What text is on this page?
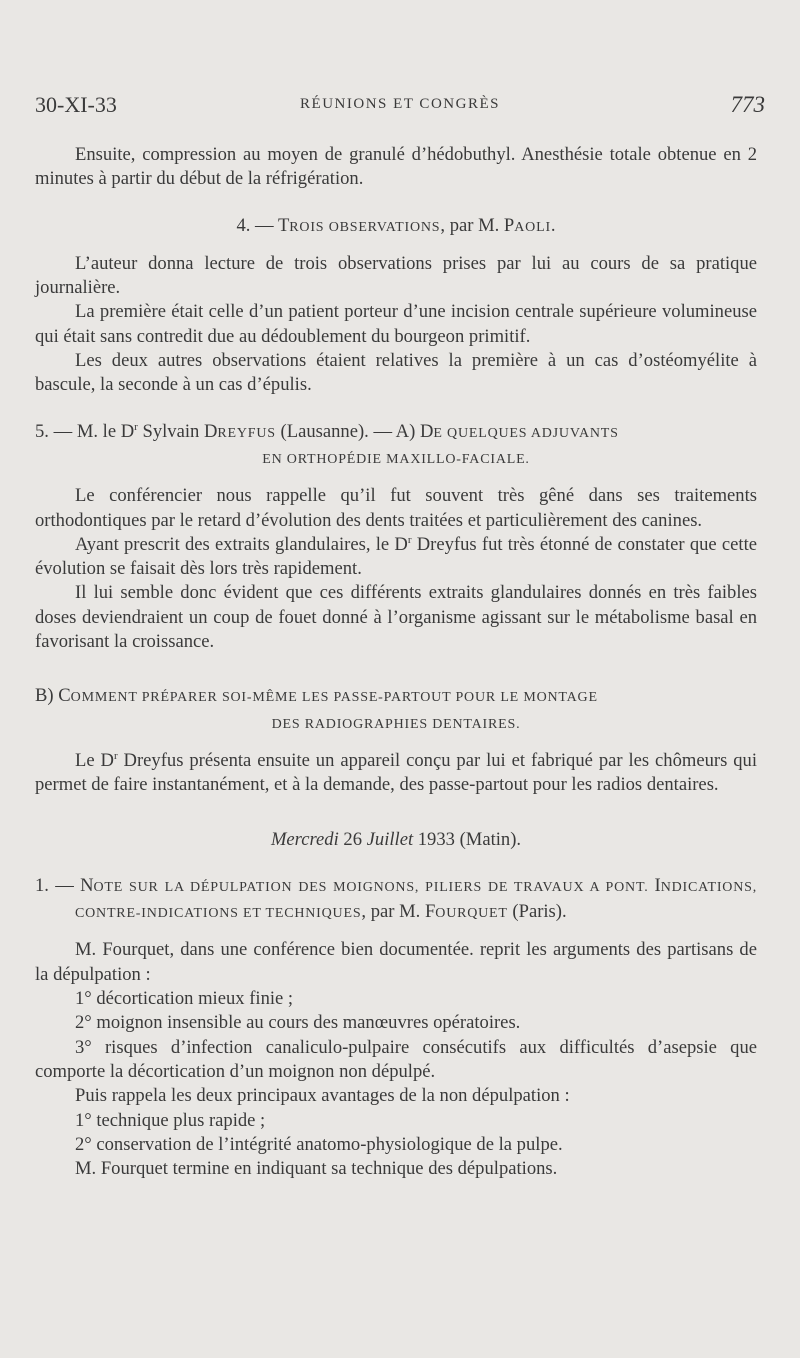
30-XI-33	RÉUNIONS ET CONGRÈS	773

Ensuite, compression au moyen de granulé d’hédobuthyl. Anesthésie totale obtenue en 2 minutes à partir du début de la réfrigération.

4. — TROIS OBSERVATIONS, par M. PAOLI.

L’auteur donna lecture de trois observations prises par lui au cours de sa pratique journalière.

La première était celle d’un patient porteur d’une incision centrale supérieure volumineuse qui était sans contredit due au dédoublement du bourgeon primitif.

Les deux autres observations étaient relatives la première à un cas d’ostéomyélite à bascule, la seconde à un cas d’épulis.

5. — M. le $D^r$ Sylvain DREYFUS (Lausanne). — A) DE QUELQUES ADJUVANTS

EN ORTHOPÉDIE MAXILLO-FACIALE.

Le conférencier nous rappelle qu’il fut souvent très gêné dans ses traitements orthodontiques par le retard d’évolution des dents traitées et particulièrement des canines.

Ayant prescrit des extraits glandulaires, le $D^r$ Dreyfus fut très étonné de constater que cette évolution se faisait dès lors très rapidement.

Il lui semble donc évident que ces différents extraits glandulaires donnés en très faibles doses deviendraient un coup de fouet donné à l’organisme agissant sur le métabolisme basal en favorisant la croissance.

B) COMMENT PRÉPARER SOI-MÊME LES PASSE-PARTOUT POUR LE MONTAGE

DES RADIOGRAPHIES DENTAIRES.

Le $D^r$ Dreyfus présenta ensuite un appareil conçu par lui et fabriqué par les chômeurs qui permet de faire instantanément, et à la demande, des passe-partout pour les radios dentaires.

Mercredi 26 Juillet 1933 (Matin).

1. — NOTE SUR LA DÉPULPATION DES MOIGNONS, PILIERS DE TRAVAUX A PONT. INDICATIONS, CONTRE-INDICATIONS ET TECHNIQUES, par M. FOURQUET (Paris).

M. Fourquet, dans une conférence bien documentée. reprit les arguments des partisans de la dépulpation :

1° décortication mieux finie ;

2° moignon insensible au cours des manœuvres opératoires.

3° risques d’infection canaliculo-pulpaire consécutifs aux difficultés d’asepsie que comporte la décortication d’un moignon non dépulpé.

Puis rappela les deux principaux avantages de la non dépulpation :

1° technique plus rapide ;

2° conservation de l’intégrité anatomo-physiologique de la pulpe.

M. Fourquet termine en indiquant sa technique des dépulpations.
